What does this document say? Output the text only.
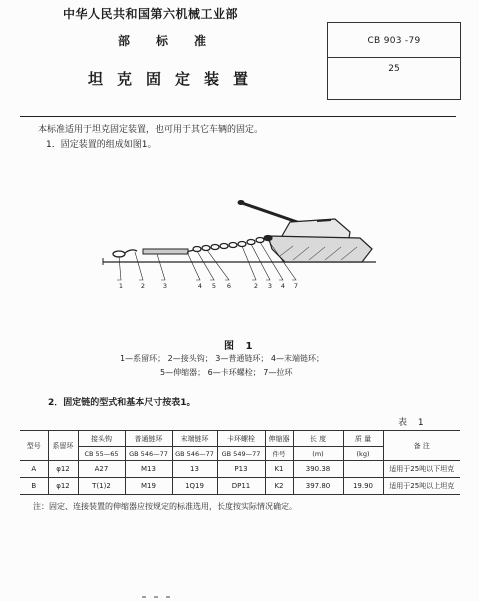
中华人民共和国第六机械工业部
部标准
坦克固定装置
CB 903 -79
25
本标准适用于坦克固定装置，也可用于其它车辆的固定。
1．固定装置的组成如图1。
1	2	3	4 5 6	2 3 4 7
图 1
1—系留环； 2—接头钩； 3—普通链环； 4—末端链环；
5—伸缩器； 6—卡环螺栓； 7—拉环
2．固定链的型式和基本尺寸按表1。
表 1
型号	系留环	接头钩	普通链环	末端链环	卡环螺栓	伸缩器	长 度	质 量	备 注
		CB 55—65	GB 546—77	GB 546—77	GB 549—77	件号	(m)	(kg)	
A	φ12	A27	M13	13	P13	K1	390.38		适用于25吨以下坦克
B	φ12	T(1)2	M19	1Q19	DP11	K2	397.80	19.90	适用于25吨以上坦克
注：固定、连接装置的伸缩器应按规定的标准选用，长度按实际情况确定。
